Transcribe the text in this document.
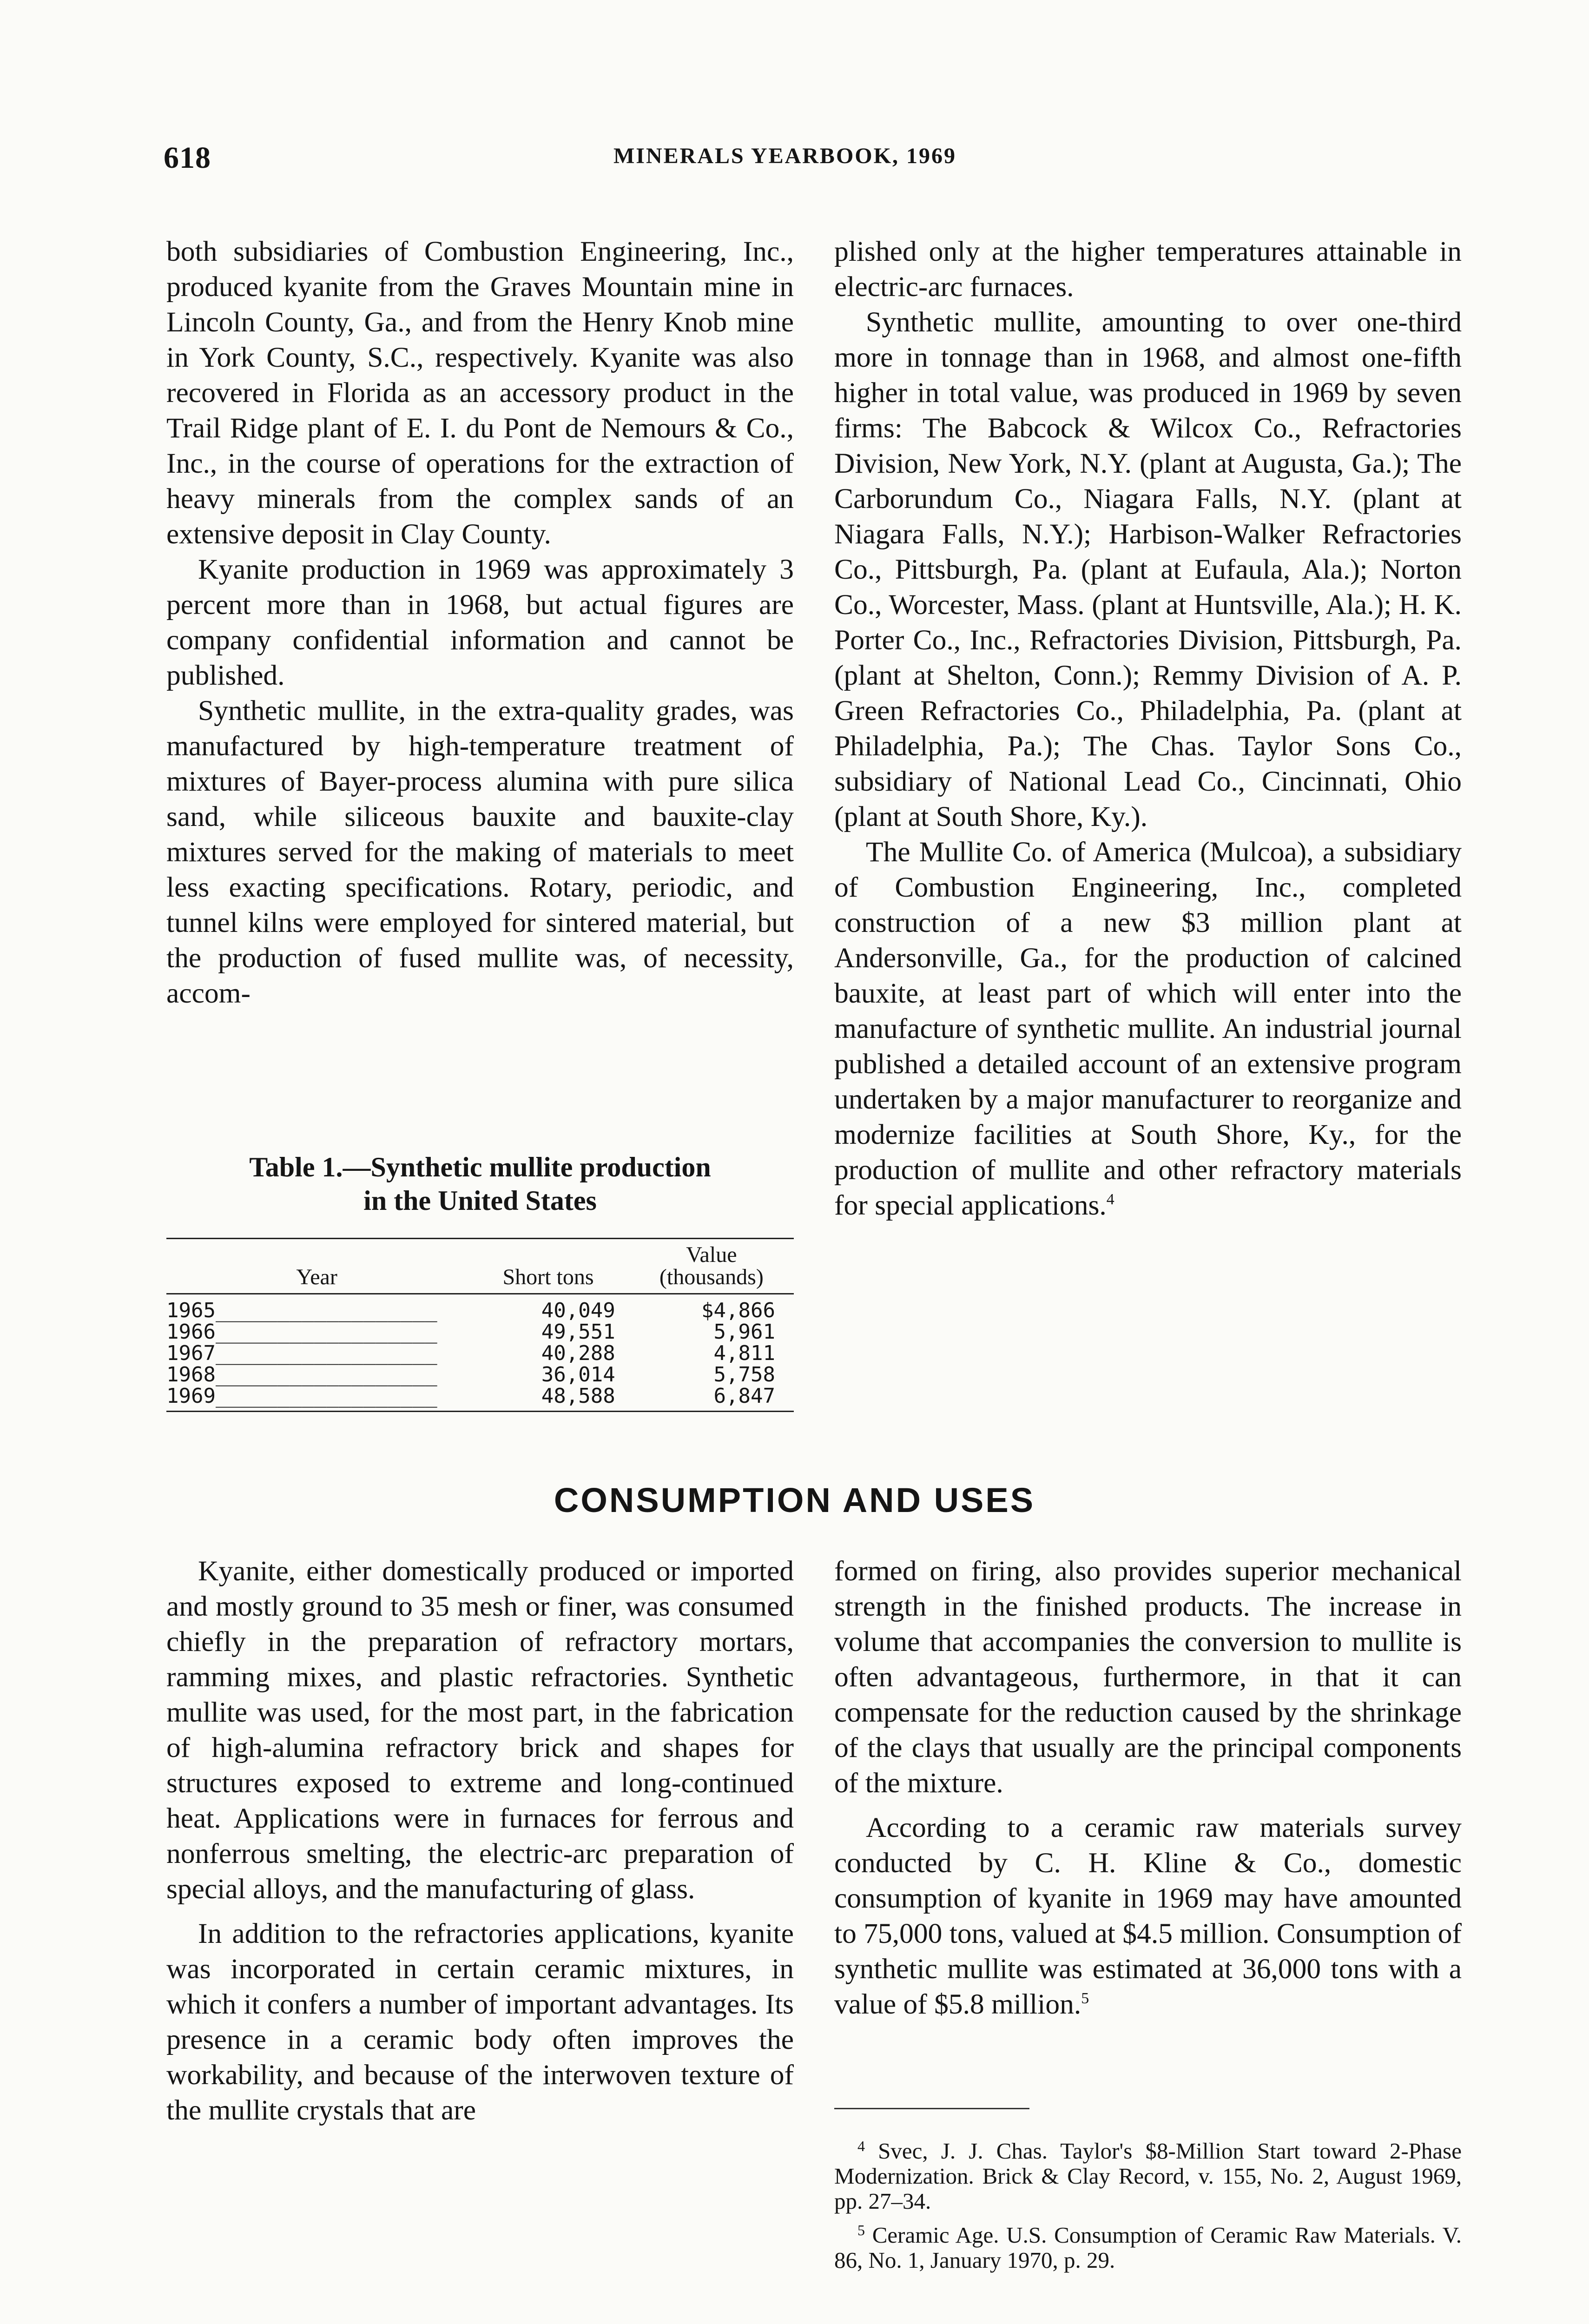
618	MINERALS YEARBOOK, 1969

both subsidiaries of Combustion Engineering, Inc., produced kyanite from the Graves Mountain mine in Lincoln County, Ga., and from the Henry Knob mine in York County, S.C., respectively. Kyanite was also recovered in Florida as an accessory product in the Trail Ridge plant of E. I. du Pont de Nemours & Co., Inc., in the course of operations for the extraction of heavy minerals from the complex sands of an extensive deposit in Clay County.

Kyanite production in 1969 was approximately 3 percent more than in 1968, but actual figures are company confidential information and cannot be published.

Synthetic mullite, in the extra-quality grades, was manufactured by high-temperature treatment of mixtures of Bayer-process alumina with pure silica sand, while siliceous bauxite and bauxite-clay mixtures served for the making of materials to meet less exacting specifications. Rotary, periodic, and tunnel kilns were employed for sintered material, but the production of fused mullite was, of necessity, accom-

Table 1.—Synthetic mullite production
in the United States
Year	Short tons	Value
(thousands)

1965__________________	40,049	$4,866
1966__________________	49,551	5,961
1967__________________	40,288	4,811
1968__________________	36,014	5,758
1969__________________	48,588	6,847

plished only at the higher temperatures attainable in electric-arc furnaces.

Synthetic mullite, amounting to over one-third more in tonnage than in 1968, and almost one-fifth higher in total value, was produced in 1969 by seven firms: The Babcock & Wilcox Co., Refractories Division, New York, N.Y. (plant at Augusta, Ga.); The Carborundum Co., Niagara Falls, N.Y. (plant at Niagara Falls, N.Y.); Harbison-Walker Refractories Co., Pittsburgh, Pa. (plant at Eufaula, Ala.); Norton Co., Worcester, Mass. (plant at Huntsville, Ala.); H. K. Porter Co., Inc., Refractories Division, Pittsburgh, Pa. (plant at Shelton, Conn.); Remmy Division of A. P. Green Refractories Co., Philadelphia, Pa. (plant at Philadelphia, Pa.); The Chas. Taylor Sons Co., subsidiary of National Lead Co., Cincinnati, Ohio (plant at South Shore, Ky.).

The Mullite Co. of America (Mulcoa), a subsidiary of Combustion Engineering, Inc., completed construction of a new $3 million plant at Andersonville, Ga., for the production of calcined bauxite, at least part of which will enter into the manufacture of synthetic mullite. An industrial journal published a detailed account of an extensive program undertaken by a major manufacturer to reorganize and modernize facilities at South Shore, Ky., for the production of mullite and other refractory materials for special applications.$^4$

CONSUMPTION AND USES

Kyanite, either domestically produced or imported and mostly ground to 35 mesh or finer, was consumed chiefly in the preparation of refractory mortars, ramming mixes, and plastic refractories. Synthetic mullite was used, for the most part, in the fabrication of high-alumina refractory brick and shapes for structures exposed to extreme and long-continued heat. Applications were in furnaces for ferrous and nonferrous smelting, the electric-arc preparation of special alloys, and the manufacturing of glass.

In addition to the refractories applications, kyanite was incorporated in certain ceramic mixtures, in which it confers a number of important advantages. Its presence in a ceramic body often improves the workability, and because of the interwoven texture of the mullite crystals that are

formed on firing, also provides superior mechanical strength in the finished products. The increase in volume that accompanies the conversion to mullite is often advantageous, furthermore, in that it can compensate for the reduction caused by the shrinkage of the clays that usually are the principal components of the mixture.

According to a ceramic raw materials survey conducted by C. H. Kline & Co., domestic consumption of kyanite in 1969 may have amounted to 75,000 tons, valued at $4.5 million. Consumption of synthetic mullite was estimated at 36,000 tons with a value of $5.8 million.$^5$

$^4$ Svec, J. J. Chas. Taylor's $8-Million Start toward 2-Phase Modernization. Brick & Clay Record, v. 155, No. 2, August 1969, pp. 27–34.

$^5$ Ceramic Age. U.S. Consumption of Ceramic Raw Materials. V. 86, No. 1, January 1970, p. 29.
